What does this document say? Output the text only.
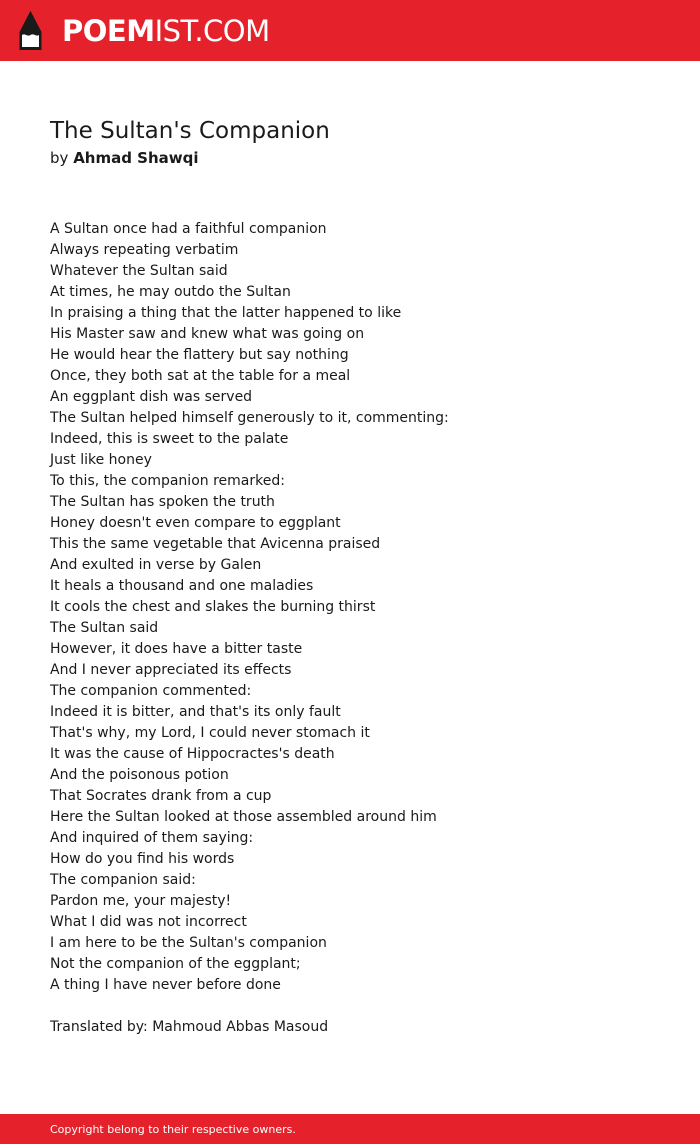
POEMIST.COM
The Sultan's Companion
by Ahmad Shawqi
A Sultan once had a faithful companion
Always repeating verbatim
Whatever the Sultan said
At times, he may outdo the Sultan
In praising a thing that the latter happened to like
His Master saw and knew what was going on
He would hear the flattery but say nothing
Once, they both sat at the table for a meal
An eggplant dish was served
The Sultan helped himself generously to it, commenting:
Indeed, this is sweet to the palate
Just like honey
To this, the companion remarked:
The Sultan has spoken the truth
Honey doesn't even compare to eggplant
This the same vegetable that Avicenna praised
And exulted in verse by Galen
It heals a thousand and one maladies
It cools the chest and slakes the burning thirst
The Sultan said
However, it does have a bitter taste
And I never appreciated its effects
The companion commented:
Indeed it is bitter, and that's its only fault
That's why, my Lord, I could never stomach it
It was the cause of Hippocractes's death
And the poisonous potion
That Socrates drank from a cup
Here the Sultan looked at those assembled around him
And inquired of them saying:
How do you find his words
The companion said:
Pardon me, your majesty!
What I did was not incorrect
I am here to be the Sultan's companion
Not the companion of the eggplant;
A thing I have never before done
Translated by: Mahmoud Abbas Masoud
Copyright belong to their respective owners.
